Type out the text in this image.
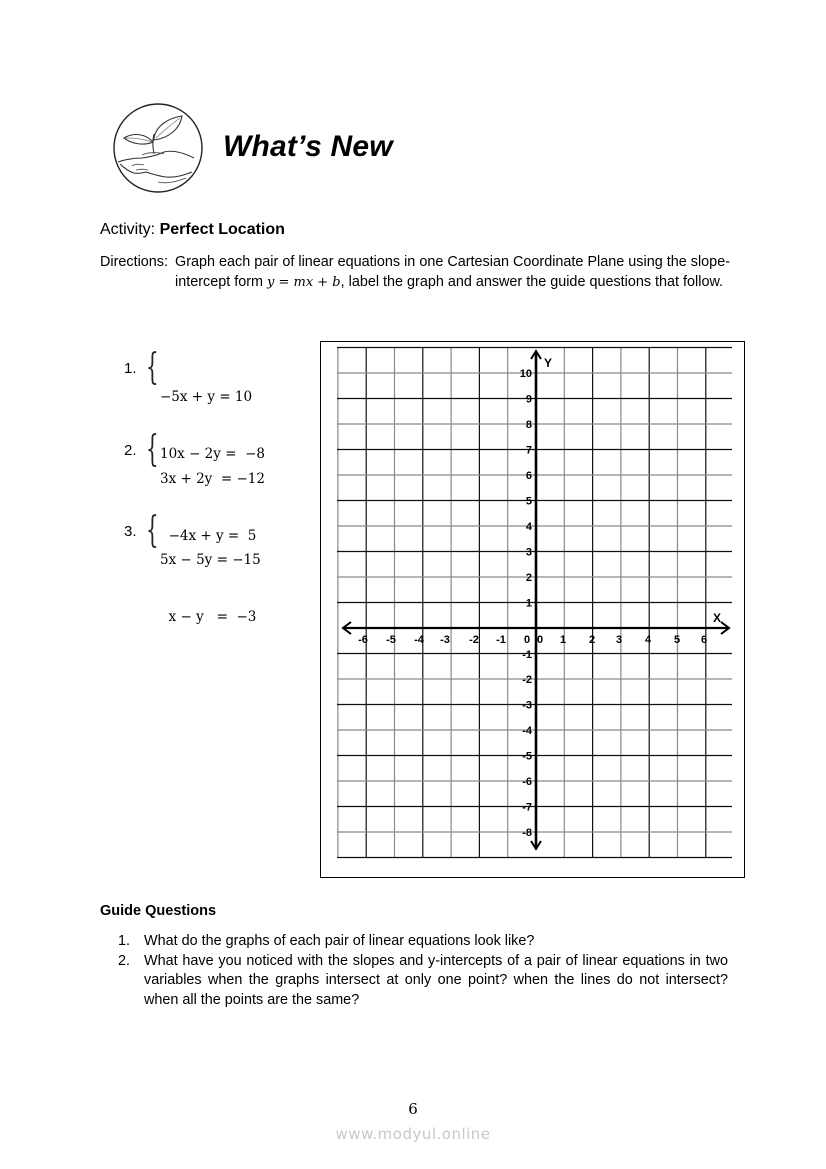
What’s New
Activity: Perfect Location
Directions: Graph each pair of linear equations in one Cartesian Coordinate Plane using the slope-intercept form y = mx + b, label the graph and answer the guide questions that follow.
1. {

−5x + y = 10

10x − 2y =  −8

2. {

3x + 2y  = −12

−4x + y =  5

3. {

5x − 5y = −15

x − y   =  −3

Y
X
-6 -5 -4 -3 -2 -1 0 0 1 2 3 4 5 6
10
9
8
7
6
5
4
3
2
1
-1
-2
-3
-4
-5
-6
-7
-8
Guide Questions
1. What do the graphs of each pair of linear equations look like?
2. What have you noticed with the slopes and y-intercepts of a pair of linear equations in two variables when the graphs intersect at only one point? when the lines do not intersect? when all the points are the same?
6
www.modyul.online
